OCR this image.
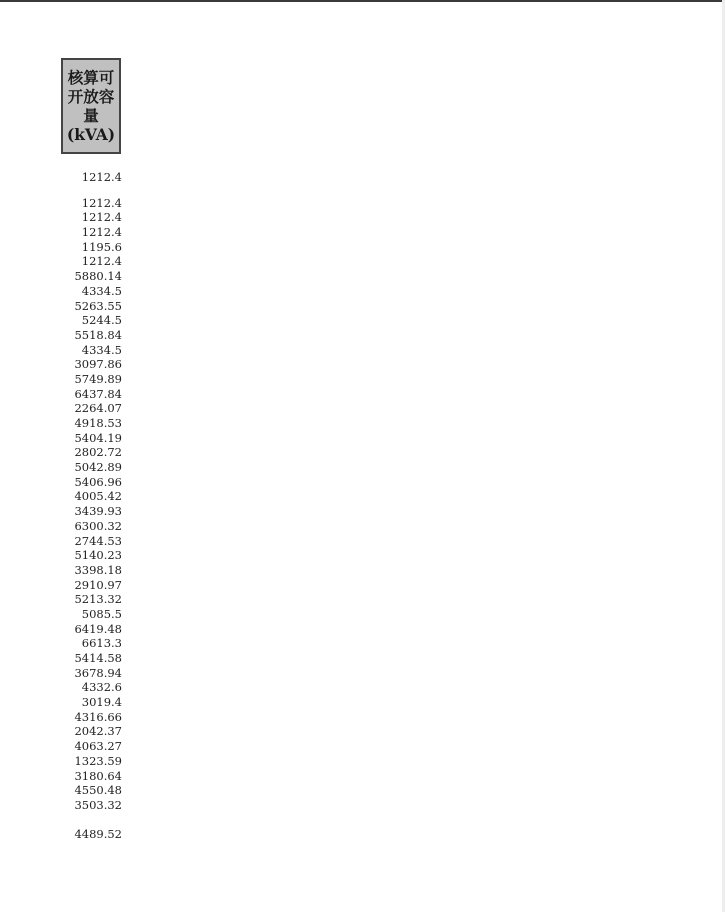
核算可
开放容
量
(kVA)
1212.4
1212.4
1212.4
1212.4
1195.6
1212.4
5880.14
4334.5
5263.55
5244.5
5518.84
4334.5
3097.86
5749.89
6437.84
2264.07
4918.53
5404.19
2802.72
5042.89
5406.96
4005.42
3439.93
6300.32
2744.53
5140.23
3398.18
2910.97
5213.32
5085.5
6419.48
6613.3
5414.58
3678.94
4332.6
3019.4
4316.66
2042.37
4063.27
1323.59
3180.64
4550.48
3503.32
4489.52
